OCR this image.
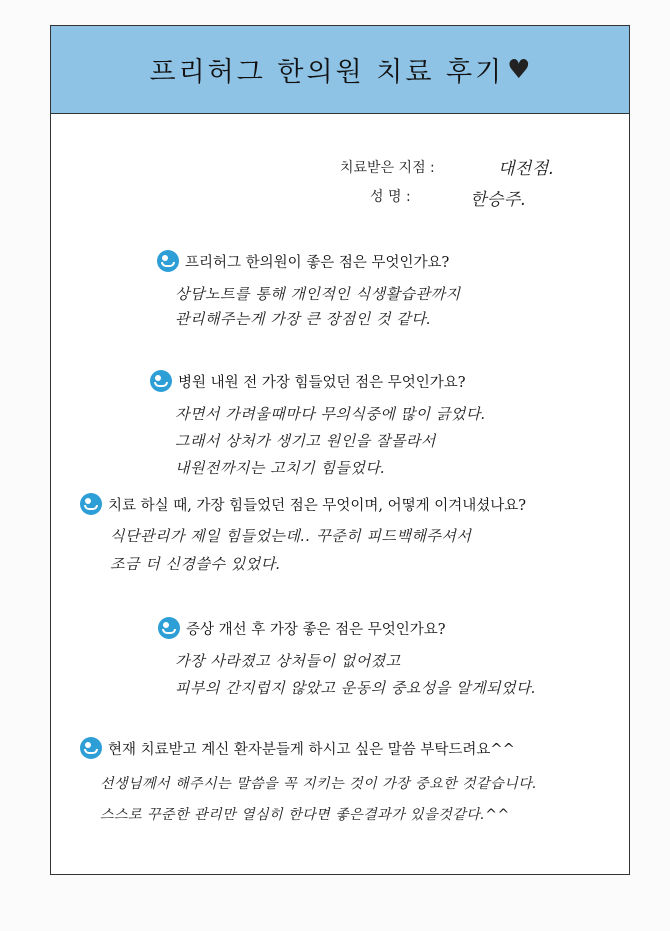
프리허그 한의원 치료 후기 ♥
치료받은 지점 :	대전점.
성 명 :	한승주.
프리허그 한의원이 좋은 점은 무엇인가요?
상담노트를 통해 개인적인 식생활습관까지
관리해주는게 가장 큰 장점인 것 같다.
병원 내원 전 가장 힘들었던 점은 무엇인가요?
자면서 가려울때마다 무의식중에 많이 긁었다.
그래서 상처가 생기고 원인을 잘몰라서
내원전까지는 고치기 힘들었다.
치료 하실 때, 가장 힘들었던 점은 무엇이며, 어떻게 이겨내셨나요?
식단관리가 제일 힘들었는데.. 꾸준히 피드백해주셔서
조금 더 신경쓸수 있었다.
증상 개선 후 가장 좋은 점은 무엇인가요?
가장 사라졌고 상처들이 없어졌고
피부의 간지럽지 않았고 운동의 중요성을 알게되었다.
현재 치료받고 계신 환자분들게 하시고 싶은 말씀 부탁드려요^^
선생님께서 해주시는 말씀을 꼭 지키는 것이 가장 중요한 것같습니다.
스스로 꾸준한 관리만 열심히 한다면 좋은결과가 있을것같다.^^
